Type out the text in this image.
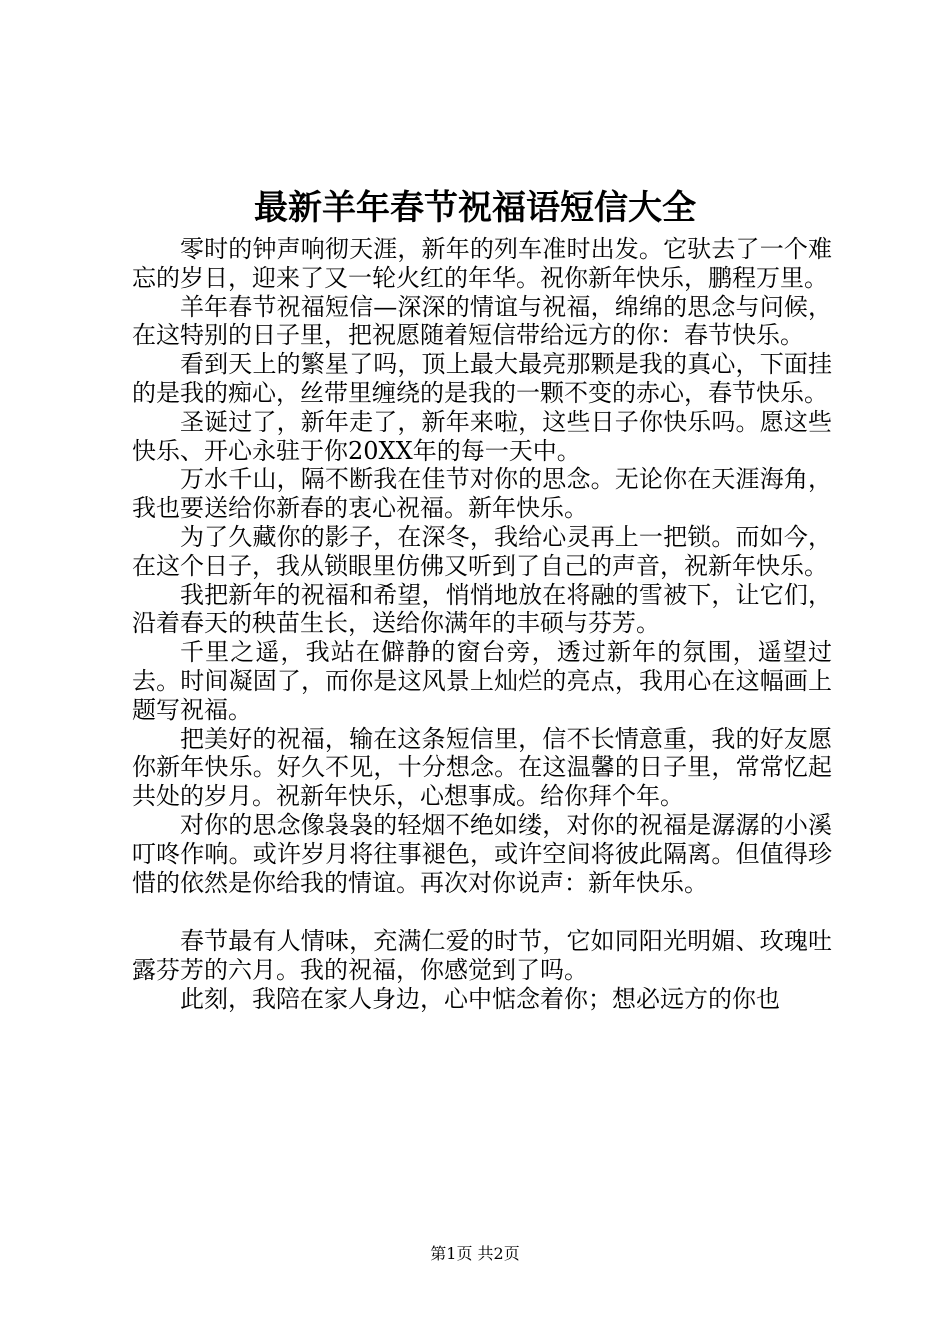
最新羊年春节祝福语短信大全

零时的钟声响彻天涯，新年的列车准时出发。它驮去了一个难忘的岁日，迎来了又一轮火红的年华。祝你新年快乐，鹏程万里。

羊年春节祝福短信—深深的情谊与祝福，绵绵的思念与问候，在这特别的日子里，把祝愿随着短信带给远方的你：春节快乐。

看到天上的繁星了吗，顶上最大最亮那颗是我的真心，下面挂的是我的痴心，丝带里缠绕的是我的一颗不变的赤心，春节快乐。

圣诞过了，新年走了，新年来啦，这些日子你快乐吗。愿这些快乐、开心永驻于你20XX年的每一天中。

万水千山，隔不断我在佳节对你的思念。无论你在天涯海角，我也要送给你新春的衷心祝福。新年快乐。

为了久藏你的影子，在深冬，我给心灵再上一把锁。而如今，在这个日子，我从锁眼里仿佛又听到了自己的声音，祝新年快乐。

我把新年的祝福和希望，悄悄地放在将融的雪被下，让它们，沿着春天的秧苗生长，送给你满年的丰硕与芬芳。

千里之遥，我站在僻静的窗台旁，透过新年的氛围，遥望过去。时间凝固了，而你是这风景上灿烂的亮点，我用心在这幅画上题写祝福。

把美好的祝福，输在这条短信里，信不长情意重，我的好友愿你新年快乐。好久不见，十分想念。在这温馨的日子里，常常忆起共处的岁月。祝新年快乐，心想事成。给你拜个年。

对你的思念像袅袅的轻烟不绝如缕，对你的祝福是潺潺的小溪叮咚作响。或许岁月将往事褪色，或许空间将彼此隔离。但值得珍惜的依然是你给我的情谊。再次对你说声：新年快乐。

春节最有人情味，充满仁爱的时节，它如同阳光明媚、玫瑰吐露芬芳的六月。我的祝福，你感觉到了吗。

此刻，我陪在家人身边，心中惦念着你；想必远方的你也

第1页 共2页
